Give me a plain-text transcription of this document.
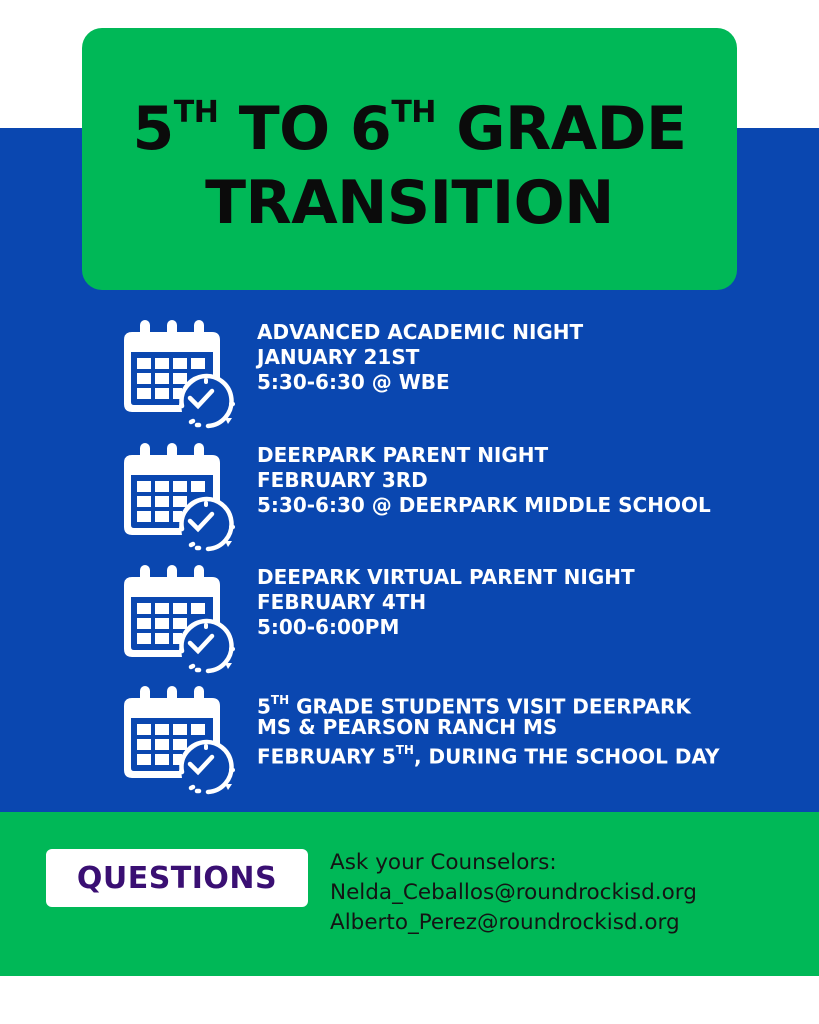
5TH TO 6TH GRADE
TRANSITION
ADVANCED ACADEMIC NIGHT
JANUARY 21ST
5:30-6:30 @ WBE
DEERPARK PARENT NIGHT
FEBRUARY 3RD
5:30-6:30 @ DEERPARK MIDDLE SCHOOL
DEEPARK VIRTUAL PARENT NIGHT
FEBRUARY 4TH
5:00-6:00PM
5TH GRADE STUDENTS VISIT DEERPARK
MS & PEARSON RANCH MS
FEBRUARY 5TH, DURING THE SCHOOL DAY
QUESTIONS Ask your Counselors:
Nelda_Ceballos@roundrockisd.org
Alberto_Perez@roundrockisd.org
